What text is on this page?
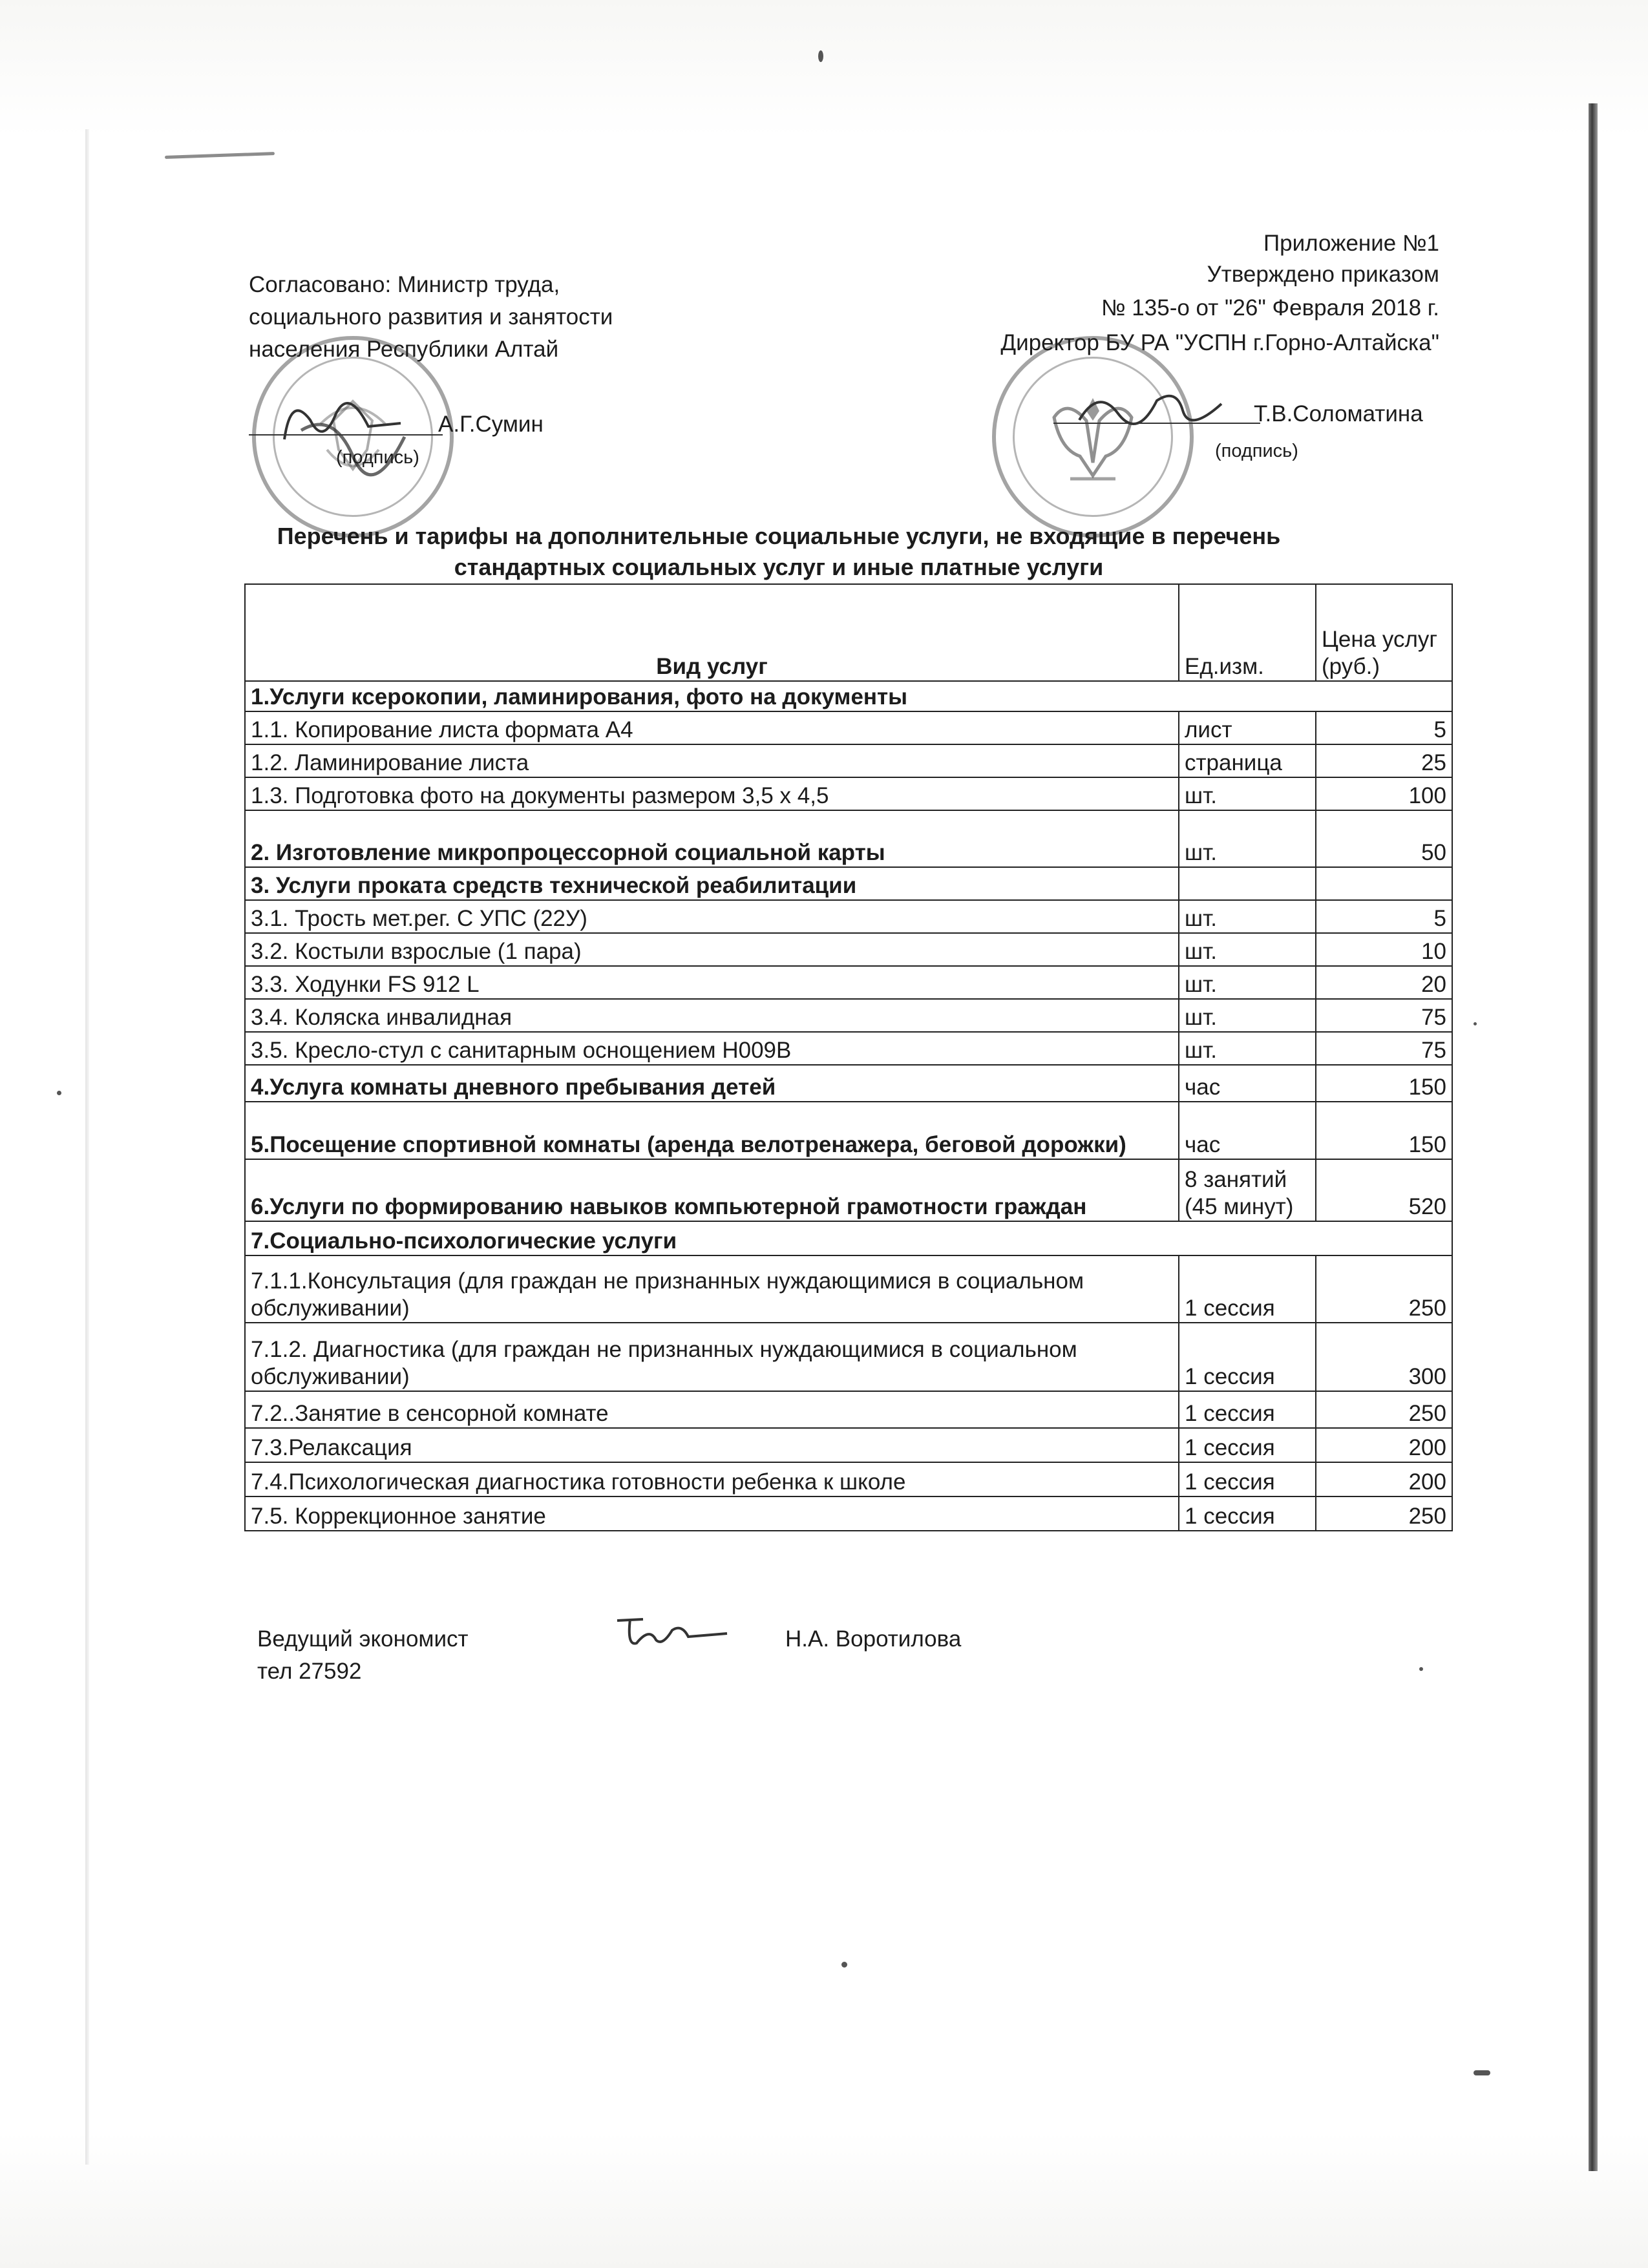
Приложение №1
Утверждено приказом
№ 135-о от "26" Февраля 2018 г.
Директор БУ РА "УСПН г.Горно-Алтайска"
Т.В.Соломатина
(подпись)
Согласовано: Министр труда,
социального развития и занятости
населения Республики Алтай
А.Г.Сумин
(подпись)
Перечень и тарифы на дополнительные социальные услуги, не входящие в перечень
стандартных социальных услуг и иные платные услуги
Вид услуг	Ед.изм.	Цена услуг (руб.)
1.Услуги ксерокопии, ламинирования, фото на документы		
1.1. Копирование листа формата А4	лист	5
1.2. Ламинирование листа	страница	25
1.3. Подготовка фото на документы размером 3,5 х 4,5	шт.	100
2. Изготовление микропроцессорной социальной карты	шт.	50
3. Услуги проката средств технической реабилитации		
3.1. Трость мет.рег. С УПС (22У)	шт.	5
3.2. Костыли взрослые (1 пара)	шт.	10
3.3. Ходунки FS 912 L	шт.	20
3.4. Коляска инвалидная	шт.	75
3.5. Кресло-стул с санитарным оснощением H009B	шт.	75
4.Услуга комнаты дневного пребывания детей	час	150
5.Посещение спортивной комнаты (аренда велотренажера, беговой дорожки)	час	150
6.Услуги по формированию навыков компьютерной грамотности граждан	8 занятий (45 минут)	520
7.Социально-психологические услуги		
7.1.1.Консультация (для граждан не признанных нуждающимися в социальном обслуживании)	1 сессия	250
7.1.2. Диагностика (для граждан не признанных нуждающимися в социальном обслуживании)	1 сессия	300
7.2..Занятие в сенсорной комнате	1 сессия	250
7.3.Релаксация	1 сессия	200
7.4.Психологическая диагностика готовности ребенка к школе	1 сессия	200
7.5. Коррекционное занятие	1 сессия	250
Ведущий экономист	Н.А. Воротилова
тел 27592
